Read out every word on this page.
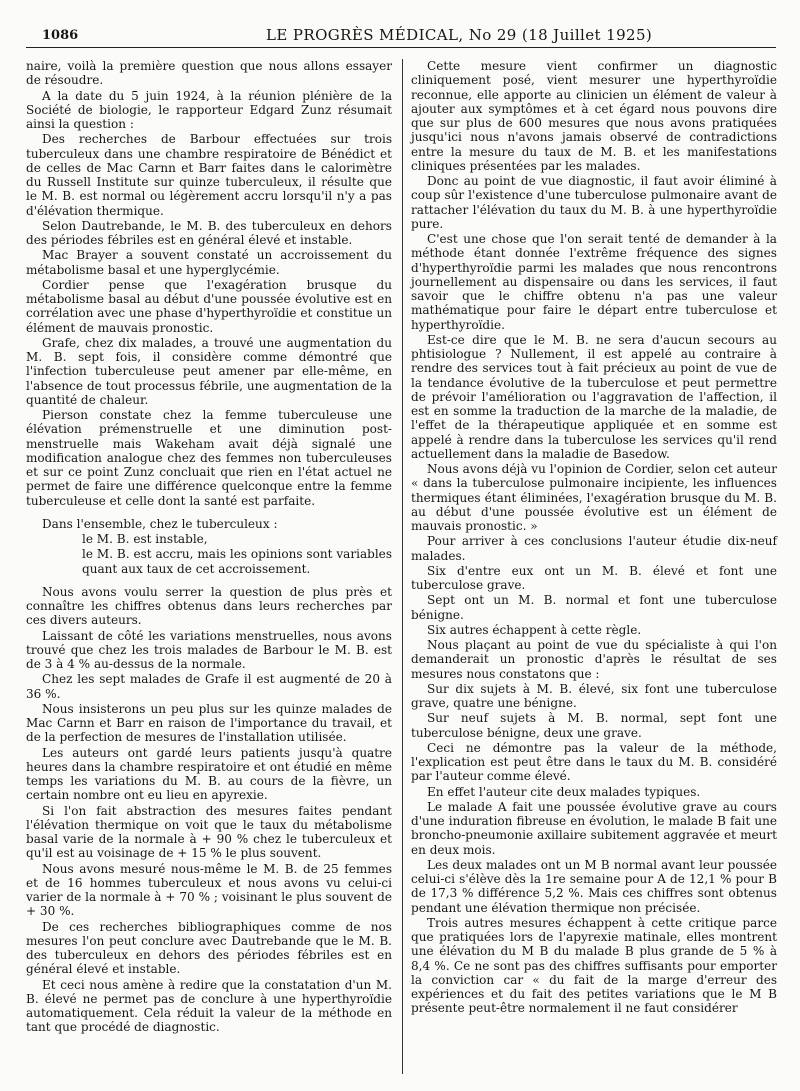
1086	LE PROGRÈS MÉDICAL, No 29 (18 Juillet 1925)

naire, voilà la première question que nous allons essayer de résoudre.

A la date du 5 juin 1924, à la réunion plénière de la Société de biologie, le rapporteur Edgard Zunz résumait ainsi la question :

Des recherches de Barbour effectuées sur trois tuberculeux dans une chambre respiratoire de Bénédict et de celles de Mac Carnn et Barr faites dans le calorimètre du Russell Institute sur quinze tuberculeux, il résulte que le M. B. est normal ou légèrement accru lorsqu'il n'y a pas d'élévation thermique.

Selon Dautrebande, le M. B. des tuberculeux en dehors des périodes fébriles est en général élevé et instable.

Mac Brayer a souvent constaté un accroissement du métabolisme basal et une hyperglycémie.

Cordier pense que l'exagération brusque du métabolisme basal au début d'une poussée évolutive est en corrélation avec une phase d'hyperthyroïdie et constitue un élément de mauvais pronostic.

Grafe, chez dix malades, a trouvé une augmentation du M. B. sept fois, il considère comme démontré que l'infection tuberculeuse peut amener par elle-même, en l'absence de tout processus fébrile, une augmentation de la quantité de chaleur.

Pierson constate chez la femme tuberculeuse une élévation prémenstruelle et une diminution post-menstruelle mais Wakeham avait déjà signalé une modification analogue chez des femmes non tuberculeuses et sur ce point Zunz concluait que rien en l'état actuel ne permet de faire une différence quelconque entre la femme tuberculeuse et celle dont la santé est parfaite.

Dans l'ensemble, chez le tuberculeux :

le M. B. est instable,

le M. B. est accru, mais les opinions sont variables quant aux taux de cet accroissement.

Nous avons voulu serrer la question de plus près et connaître les chiffres obtenus dans leurs recherches par ces divers auteurs.

Laissant de côté les variations menstruelles, nous avons trouvé que chez les trois malades de Barbour le M. B. est de 3 à 4 % au-dessus de la normale.

Chez les sept malades de Grafe il est augmenté de 20 à 36 %.

Nous insisterons un peu plus sur les quinze malades de Mac Carnn et Barr en raison de l'importance du travail, et de la perfection de mesures de l'installation utilisée.

Les auteurs ont gardé leurs patients jusqu'à quatre heures dans la chambre respiratoire et ont étudié en même temps les variations du M. B. au cours de la fièvre, un certain nombre ont eu lieu en apyrexie.

Si l'on fait abstraction des mesures faites pendant l'élévation thermique on voit que le taux du métabolisme basal varie de la normale à + 90 % chez le tuberculeux et qu'il est au voisinage de + 15 % le plus souvent.

Nous avons mesuré nous-même le M. B. de 25 femmes et de 16 hommes tuberculeux et nous avons vu celui-ci varier de la normale à + 70 % ; voisinant le plus souvent de + 30 %.

De ces recherches bibliographiques comme de nos mesures l'on peut conclure avec Dautrebande que le M. B. des tuberculeux en dehors des périodes fébriles est en général élevé et instable.

Et ceci nous amène à redire que la constatation d'un M. B. élevé ne permet pas de conclure à une hyperthyroïdie automatiquement. Cela réduit la valeur de la méthode en tant que procédé de diagnostic.

Cette mesure vient confirmer un diagnostic cliniquement posé, vient mesurer une hyperthyroïdie reconnue, elle apporte au clinicien un élément de valeur à ajouter aux symptômes et à cet égard nous pouvons dire que sur plus de 600 mesures que nous avons pratiquées jusqu'ici nous n'avons jamais observé de contradictions entre la mesure du taux de M. B. et les manifestations cliniques présentées par les malades.

Donc au point de vue diagnostic, il faut avoir éliminé à coup sûr l'existence d'une tuberculose pulmonaire avant de rattacher l'élévation du taux du M. B. à une hyperthyroïdie pure.

C'est une chose que l'on serait tenté de demander à la méthode étant donnée l'extrême fréquence des signes d'hyperthyroïdie parmi les malades que nous rencontrons journellement au dispensaire ou dans les services, il faut savoir que le chiffre obtenu n'a pas une valeur mathématique pour faire le départ entre tuberculose et hyperthyroïdie.

Est-ce dire que le M. B. ne sera d'aucun secours au phtisiologue ? Nullement, il est appelé au contraire à rendre des services tout à fait précieux au point de vue de la tendance évolutive de la tuberculose et peut permettre de prévoir l'amélioration ou l'aggravation de l'affection, il est en somme la traduction de la marche de la maladie, de l'effet de la thérapeutique appliquée et en somme est appelé à rendre dans la tuberculose les services qu'il rend actuellement dans la maladie de Basedow.

Nous avons déjà vu l'opinion de Cordier, selon cet auteur « dans la tuberculose pulmonaire incipiente, les influences thermiques étant éliminées, l'exagération brusque du M. B. au début d'une poussée évolutive est un élément de mauvais pronostic. »

Pour arriver à ces conclusions l'auteur étudie dix-neuf malades.

Six d'entre eux ont un M. B. élevé et font une tuberculose grave.

Sept ont un M. B. normal et font une tuberculose bénigne.

Six autres échappent à cette règle.

Nous plaçant au point de vue du spécialiste à qui l'on demanderait un pronostic d'après le résultat de ses mesures nous constatons que :

Sur dix sujets à M. B. élevé, six font une tuberculose grave, quatre une bénigne.

Sur neuf sujets à M. B. normal, sept font une tuberculose bénigne, deux une grave.

Ceci ne démontre pas la valeur de la méthode, l'explication est peut être dans le taux du M. B. considéré par l'auteur comme élevé.

En effet l'auteur cite deux malades typiques.

Le malade A fait une poussée évolutive grave au cours d'une induration fibreuse en évolution, le malade B fait une broncho-pneumonie axillaire subitement aggravée et meurt en deux mois.

Les deux malades ont un M B normal avant leur poussée celui-ci s'élève dès la 1re semaine pour A de 12,1 % pour B de 17,3 % différence 5,2 %. Mais ces chiffres sont obtenus pendant une élévation thermique non précisée.

Trois autres mesures échappent à cette critique parce que pratiquées lors de l'apyrexie matinale, elles montrent une élévation du M B du malade B plus grande de 5 % à 8,4 %. Ce ne sont pas des chiffres suffisants pour emporter la conviction car « du fait de la marge d'erreur des expériences et du fait des petites variations que le M B présente peut-être normalement il ne faut considérer
